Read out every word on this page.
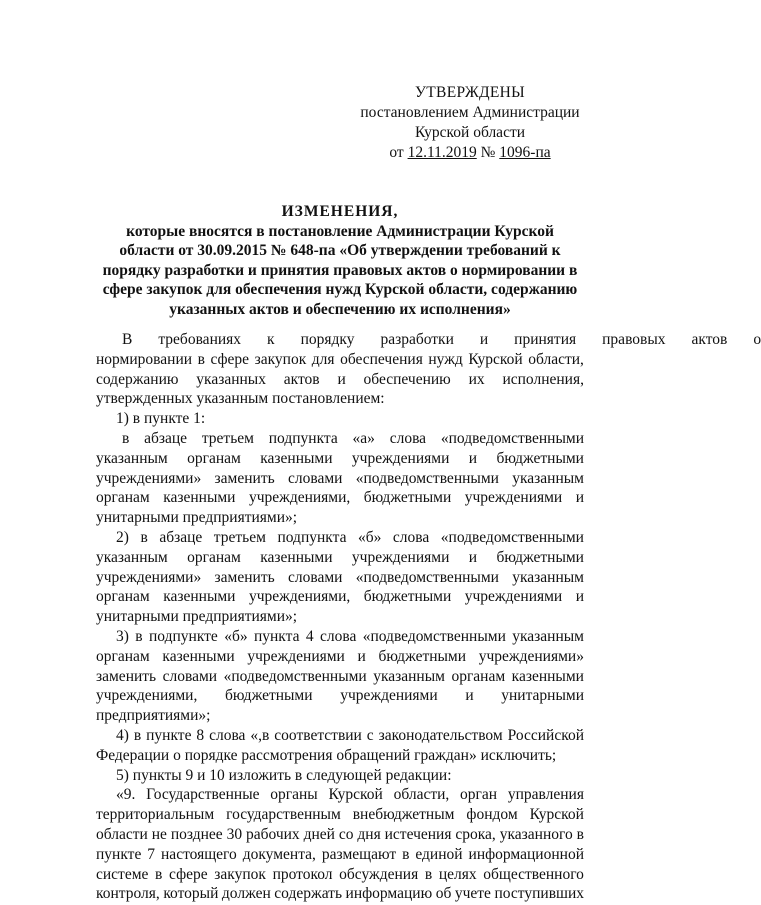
УТВЕРЖДЕНЫ
постановлением Администрации
Курской области
от 12.11.2019 № 1096-па
ИЗМЕНЕНИЯ,
которые вносятся в постановление Администрации Курской
области от 30.09.2015 № 648-па «Об утверждении требований к
порядку разработки и принятия правовых актов о нормировании в
сфере закупок для обеспечения нужд Курской области, содержанию
указанных актов и обеспечению их исполнения»
В	требованиях	к	порядку	разработки	и	принятия	правовых	актов	о
нормировании в сфере закупок для обеспечения нужд Курской области,
содержанию указанных актов и обеспечению их исполнения,
утвержденных указанным постановлением:
1) в пункте 1:
в абзаце третьем подпункта «а» слова «подведомственными
указанным органам казенными учреждениями и бюджетными
учреждениями» заменить словами «подведомственными указанным
органам казенными учреждениями, бюджетными учреждениями и
унитарными предприятиями»;
2) в абзаце третьем подпункта «б» слова «подведомственными
указанным органам казенными учреждениями и бюджетными
учреждениями» заменить словами «подведомственными указанным
органам казенными учреждениями, бюджетными учреждениями и
унитарными предприятиями»;
3) в подпункте «б» пункта 4 слова «подведомственными указанным
органам казенными учреждениями и бюджетными учреждениями»
заменить словами «подведомственными указанным органам казенными
учреждениями, бюджетными учреждениями и унитарными
предприятиями»;
4) в пункте 8 слова «,в соответствии с законодательством Российской
Федерации о порядке рассмотрения обращений граждан» исключить;
5) пункты 9 и 10 изложить в следующей редакции:
«9. Государственные органы Курской области, орган управления
территориальным государственным внебюджетным фондом Курской
области не позднее 30 рабочих дней со дня истечения срока, указанного в
пункте 7 настоящего документа, размещают в единой информационной
системе в сфере закупок протокол обсуждения в целях общественного
контроля, который должен содержать информацию об учете поступивших
